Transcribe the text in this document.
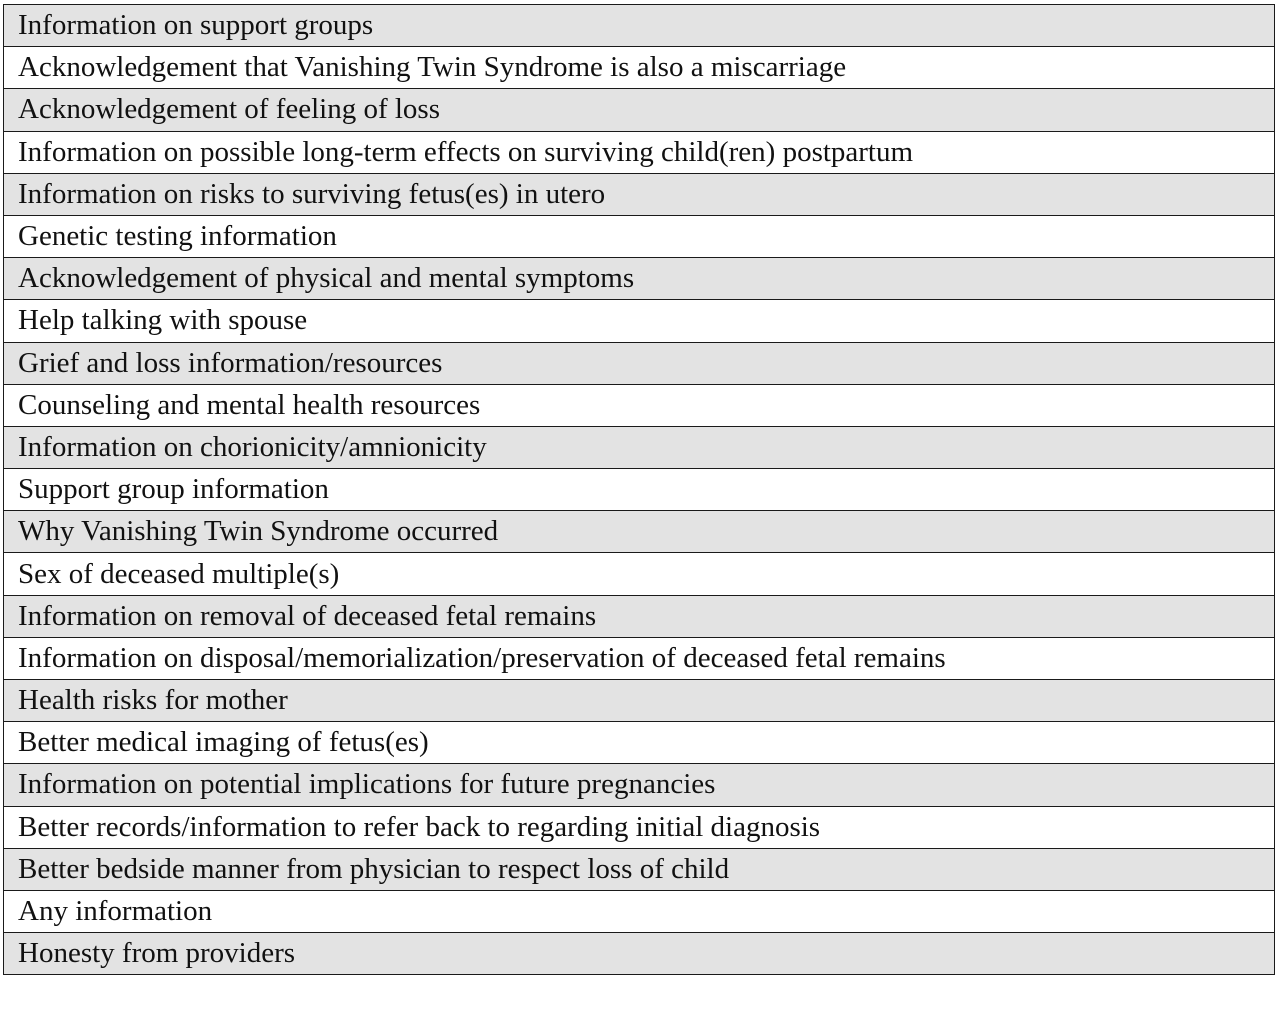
Information on support groups
Acknowledgement that Vanishing Twin Syndrome is also a miscarriage
Acknowledgement of feeling of loss
Information on possible long-term effects on surviving child(ren) postpartum
Information on risks to surviving fetus(es) in utero
Genetic testing information
Acknowledgement of physical and mental symptoms
Help talking with spouse
Grief and loss information/resources
Counseling and mental health resources
Information on chorionicity/amnionicity
Support group information
Why Vanishing Twin Syndrome occurred
Sex of deceased multiple(s)
Information on removal of deceased fetal remains
Information on disposal/memorialization/preservation of deceased fetal remains
Health risks for mother
Better medical imaging of fetus(es)
Information on potential implications for future pregnancies
Better records/information to refer back to regarding initial diagnosis
Better bedside manner from physician to respect loss of child
Any information
Honesty from providers
